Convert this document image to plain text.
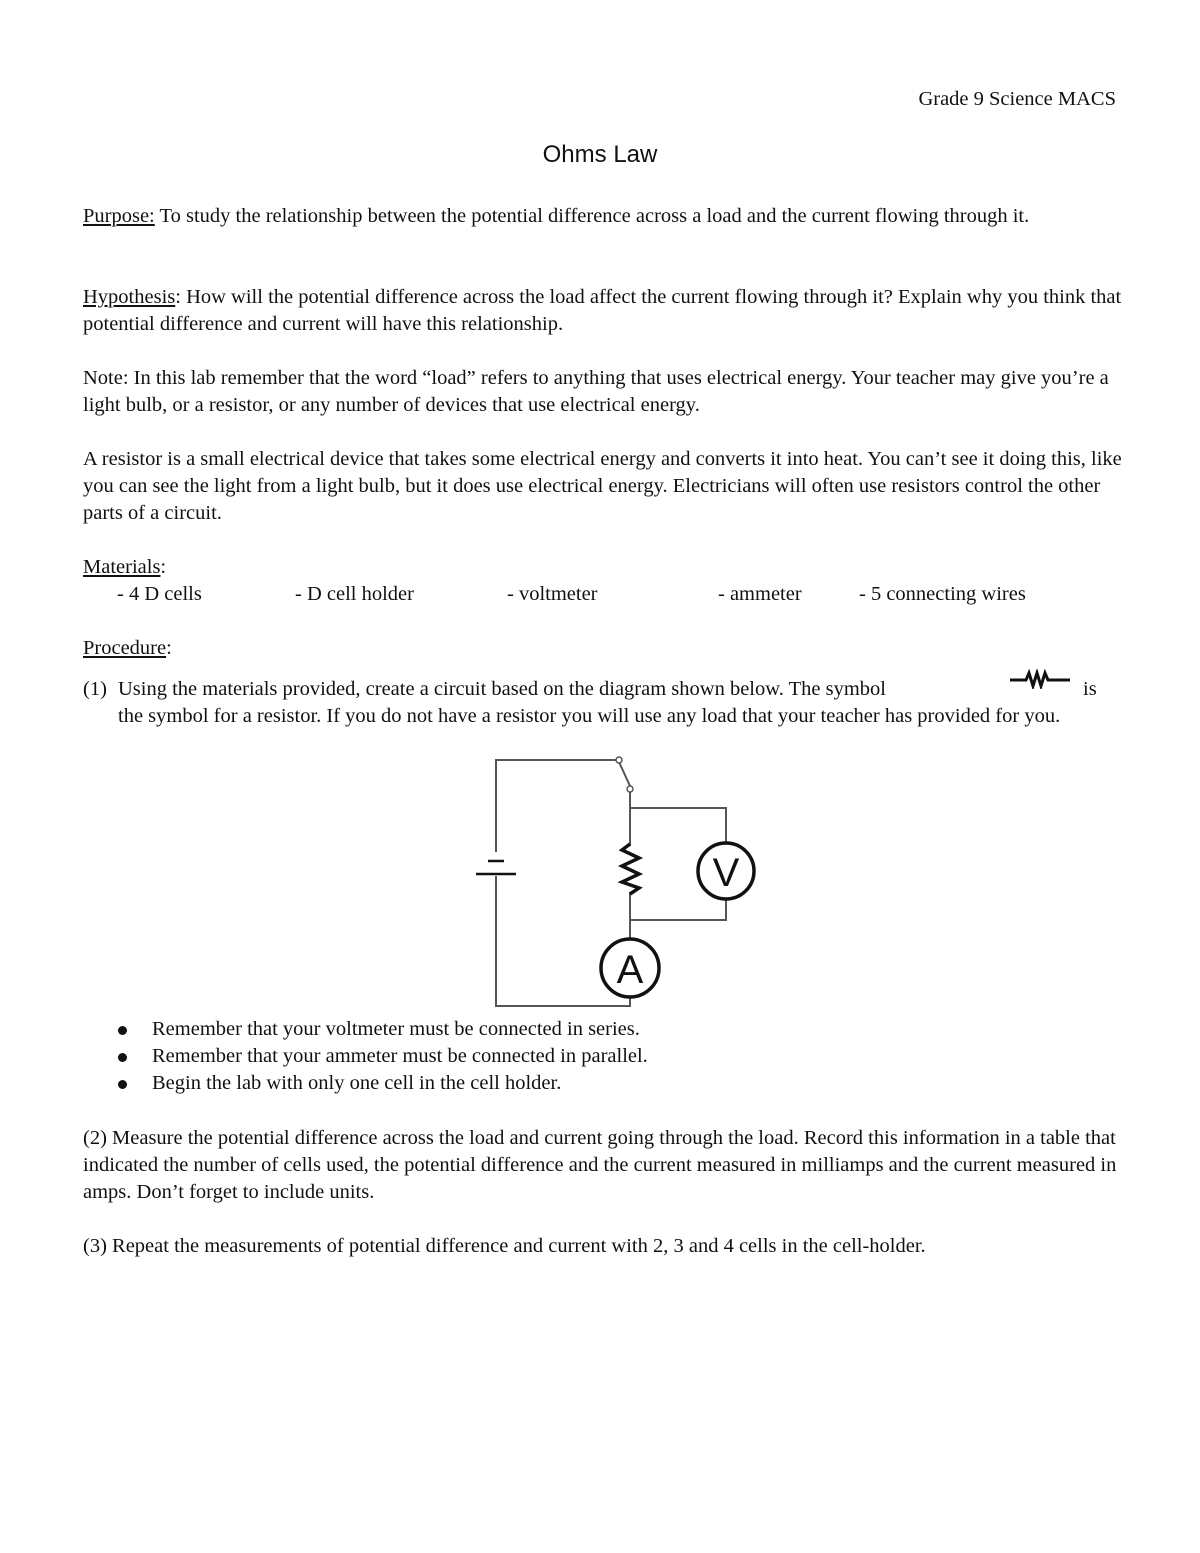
Grade 9 Science MACS
Ohms Law
Purpose: To study the relationship between the potential difference across a load and the current flowing through it.
Hypothesis: How will the potential difference across the load affect the current flowing through it? Explain why you think that potential difference and current will have this relationship.
Note: In this lab remember that the word “load” refers to anything that uses electrical energy. Your teacher may give you’re a light bulb, or a resistor, or any number of devices that use electrical energy.
A resistor is a small electrical device that takes some electrical energy and converts it into heat. You can’t see it doing this, like you can see the light from a light bulb, but it does use electrical energy. Electricians will often use resistors control the other parts of a circuit.
Materials:
- 4 D cells	- D cell holder	- voltmeter	- ammeter	- 5 connecting wires
Procedure:
(1) Using the materials provided, create a circuit based on the diagram shown below. The symbol
the symbol for a resistor. If you do not have a resistor you will use any load that your teacher has provided for you.
is
V
A
Remember that your voltmeter must be connected in series.
Remember that your ammeter must be connected in parallel.
Begin the lab with only one cell in the cell holder.
(2) Measure the potential difference across the load and current going through the load. Record this information in a table that indicated the number of cells used, the potential difference and the current measured in milliamps and the current measured in amps. Don’t forget to include units.
(3) Repeat the measurements of potential difference and current with 2, 3 and 4 cells in the cell-holder.
